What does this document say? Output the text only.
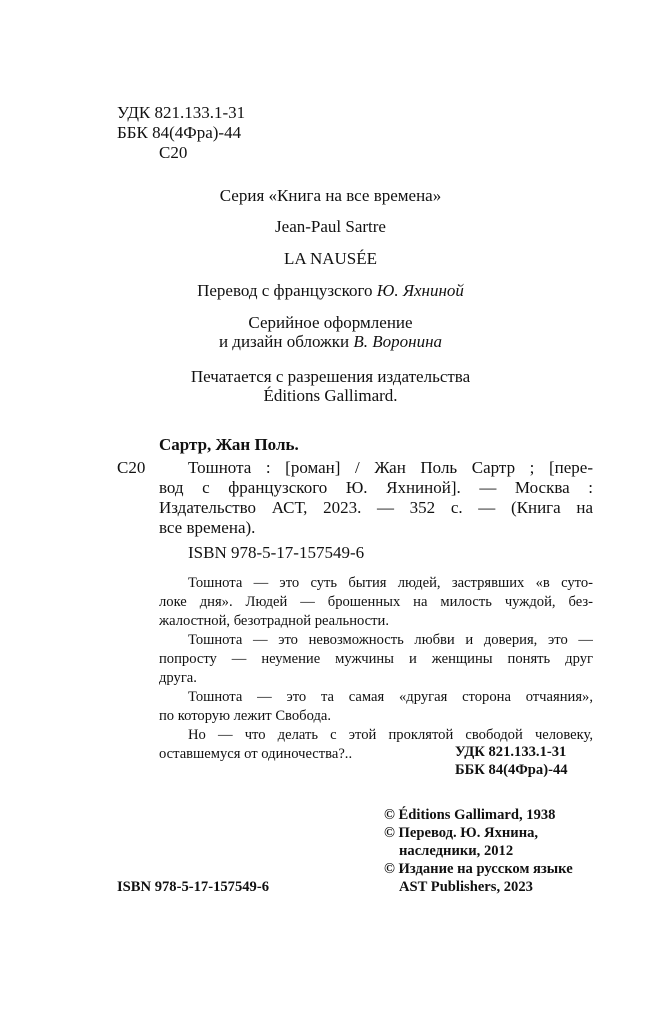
УДК 821.133.1-31
ББК 84(4Фра)-44
С20
Серия «Книга на все времена»
Jean-Paul Sartre
LA NAUSÉE
Перевод с французского Ю. Яхниной
Серийное оформление
и дизайн обложки В. Воронина
Печатается с разрешения издательства
Éditions Gallimard.
Сартр, Жан Поль.
С20	Тошнота : [роман] / Жан Поль Сартр ; [пере-
вод с французского Ю. Яхниной]. — Москва :
Издательство АСТ, 2023. — 352 с. — (Книга на
все времена).
ISBN 978-5-17-157549-6
Тошнота — это суть бытия людей, застрявших «в суто-
локе дня». Людей — брошенных на милость чуждой, без-
жалостной, безотрадной реальности.
Тошнота — это невозможность любви и доверия, это —
попросту — неумение мужчины и женщины понять друг
друга.
Тошнота — это та самая «другая сторона отчаяния»,
по которую лежит Свобода.
Но — что делать с этой проклятой свободой человеку,
оставшемуся от одиночества?..	УДК 821.133.1-31
ББК 84(4Фра)-44
© Éditions Gallimard, 1938
© Перевод. Ю. Яхнина,
наследники, 2012
© Издание на русском языке
AST Publishers, 2023
ISBN 978-5-17-157549-6
